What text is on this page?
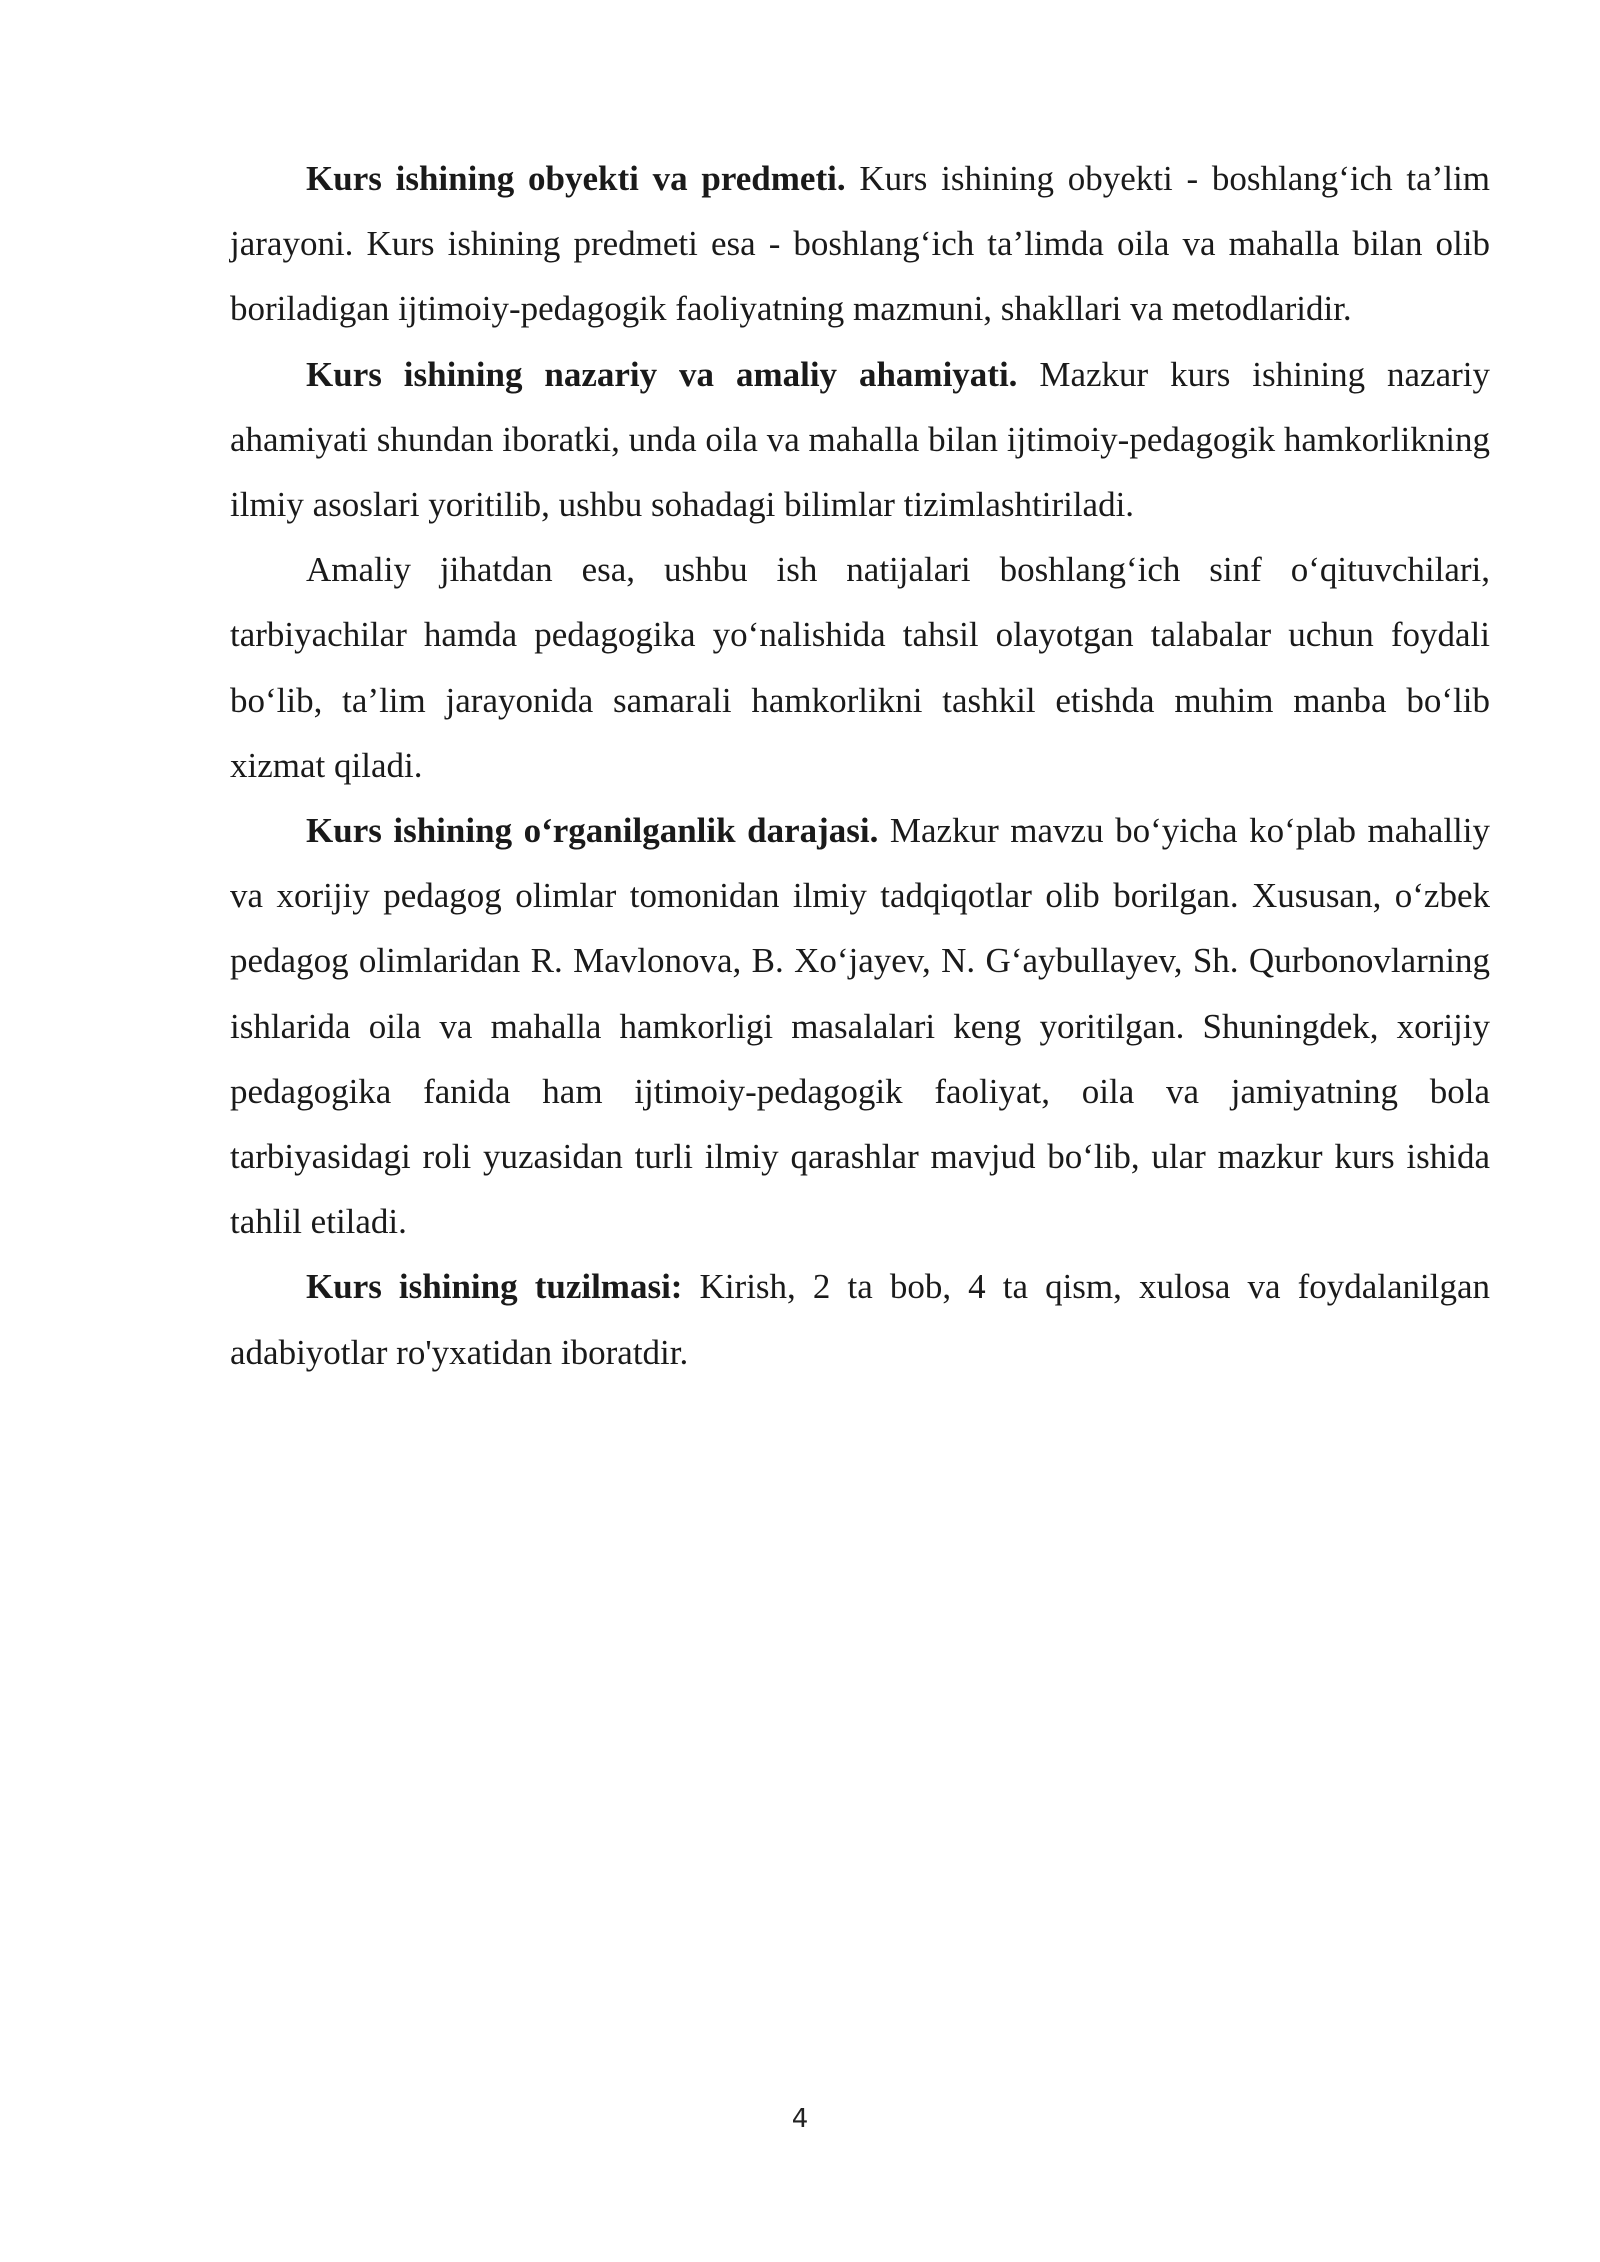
Kurs ishining obyekti va predmeti. Kurs ishining obyekti - boshlang‘ich ta’lim jarayoni. Kurs ishining predmeti esa - boshlang‘ich ta’limda oila va mahalla bilan olib boriladigan ijtimoiy-pedagogik faoliyatning mazmuni, shakllari va metodlaridir.

Kurs ishining nazariy va amaliy ahamiyati. Mazkur kurs ishining nazariy ahamiyati shundan iboratki, unda oila va mahalla bilan ijtimoiy-pedagogik hamkorlikning ilmiy asoslari yoritilib, ushbu sohadagi bilimlar tizimlashtiriladi.

Amaliy jihatdan esa, ushbu ish natijalari boshlang‘ich sinf o‘qituvchilari, tarbiyachilar hamda pedagogika yo‘nalishida tahsil olayotgan talabalar uchun foydali bo‘lib, ta’lim jarayonida samarali hamkorlikni tashkil etishda muhim manba bo‘lib xizmat qiladi.

Kurs ishining o‘rganilganlik darajasi. Mazkur mavzu bo‘yicha ko‘plab mahalliy va xorijiy pedagog olimlar tomonidan ilmiy tadqiqotlar olib borilgan. Xususan, o‘zbek pedagog olimlaridan R. Mavlonova, B. Xo‘jayev, N. G‘aybullayev, Sh. Qurbonovlarning ishlarida oila va mahalla hamkorligi masalalari keng yoritilgan. Shuningdek, xorijiy pedagogika fanida ham ijtimoiy-pedagogik faoliyat, oila va jamiyatning bola tarbiyasidagi roli yuzasidan turli ilmiy qarashlar mavjud bo‘lib, ular mazkur kurs ishida tahlil etiladi.

Kurs ishining tuzilmasi: Kirish, 2 ta bob, 4 ta qism, xulosa va foydalanilgan adabiyotlar ro'yxatidan iboratdir.

4
